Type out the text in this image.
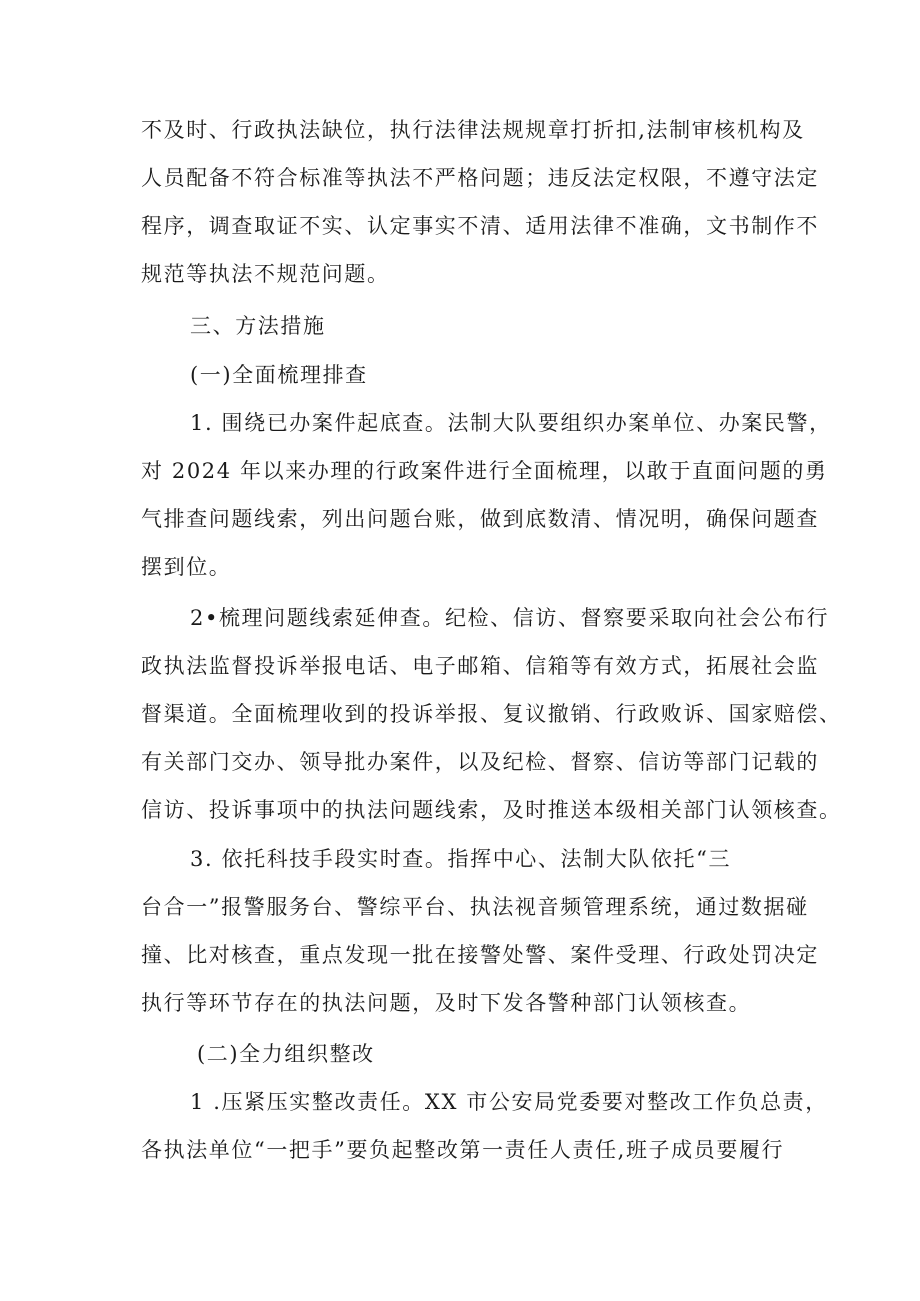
不及时、行政执法缺位，执行法律法规规章打折扣,法制审核机构及
人员配备不符合标准等执法不严格问题；违反法定权限，不遵守法定
程序，调查取证不实、认定事实不清、适用法律不准确，文书制作不
规范等执法不规范问题。
三、方法措施
(一)全面梳理排查
1. 围绕已办案件起底查。法制大队要组织办案单位、办案民警，
对 2024 年以来办理的行政案件进行全面梳理，以敢于直面问题的勇
气排查问题线索，列出问题台账，做到底数清、情况明，确保问题查
摆到位。
2•梳理问题线索延伸查。纪检、信访、督察要采取向社会公布行
政执法监督投诉举报电话、电子邮箱、信箱等有效方式，拓展社会监
督渠道。全面梳理收到的投诉举报、复议撤销、行政败诉、国家赔偿、
有关部门交办、领导批办案件，以及纪检、督察、信访等部门记载的
信访、投诉事项中的执法问题线索，及时推送本级相关部门认领核查。
3. 依托科技手段实时查。指挥中心、法制大队依托“三
台合一”报警服务台、警综平台、执法视音频管理系统，通过数据碰
撞、比对核查，重点发现一批在接警处警、案件受理、行政处罚决定
执行等环节存在的执法问题，及时下发各警种部门认领核查。
(二)全力组织整改
1 .压紧压实整改责任。XX 市公安局党委要对整改工作负总责，
各执法单位“一把手”要负起整改第一责任人责任,班子成员要履行
